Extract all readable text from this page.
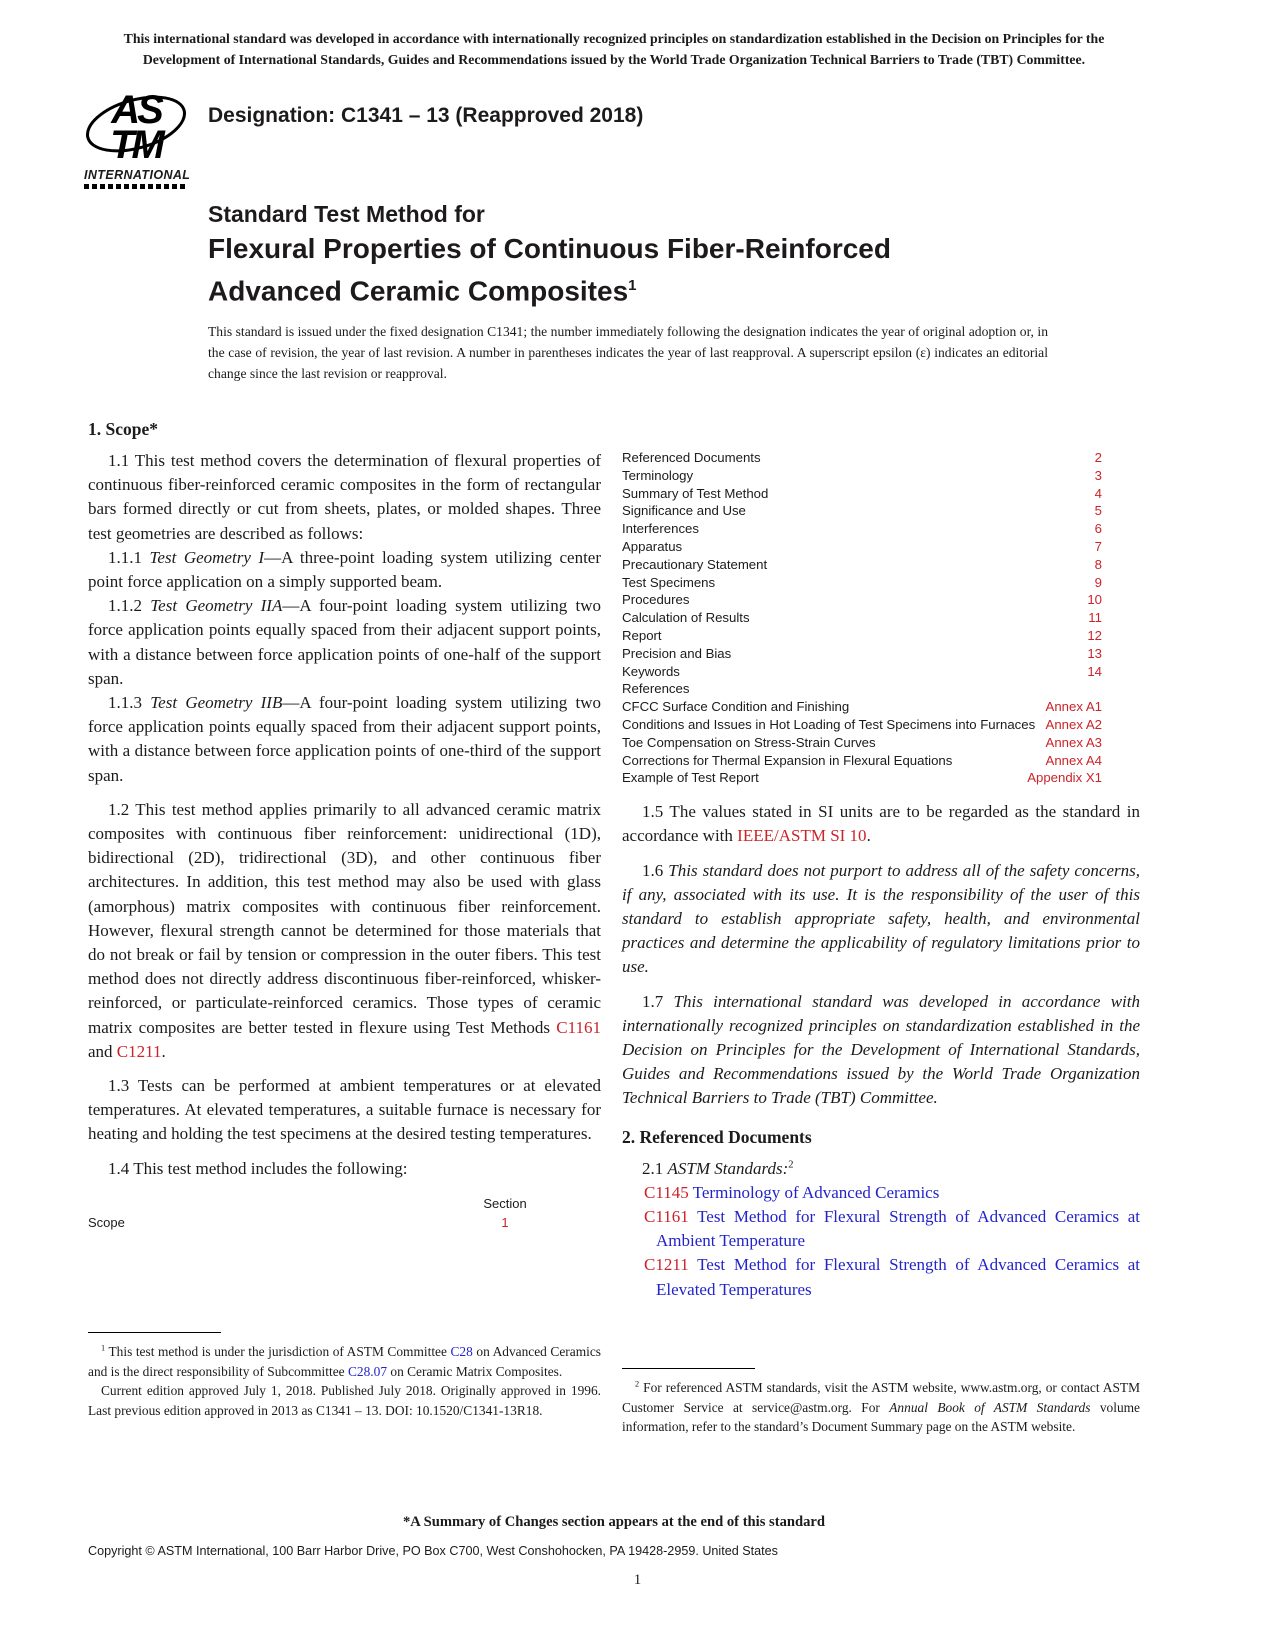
This international standard was developed in accordance with internationally recognized principles on standardization established in the Decision on Principles for the Development of International Standards, Guides and Recommendations issued by the World Trade Organization Technical Barriers to Trade (TBT) Committee.
AS
TM
INTERNATIONAL
Designation: C1341 – 13 (Reapproved 2018)
Standard Test Method for
Flexural Properties of Continuous Fiber-Reinforced
Advanced Ceramic Composites$^1$
This standard is issued under the fixed designation C1341; the number immediately following the designation indicates the year of original adoption or, in the case of revision, the year of last revision. A number in parentheses indicates the year of last reapproval. A superscript epsilon (ε) indicates an editorial change since the last revision or reapproval.
1. Scope*

1.1 This test method covers the determination of flexural properties of continuous fiber-reinforced ceramic composites in the form of rectangular bars formed directly or cut from sheets, plates, or molded shapes. Three test geometries are described as follows:

1.1.1 Test Geometry I—A three-point loading system utilizing center point force application on a simply supported beam.

1.1.2 Test Geometry IIA—A four-point loading system utilizing two force application points equally spaced from their adjacent support points, with a distance between force application points of one-half of the support span.

1.1.3 Test Geometry IIB—A four-point loading system utilizing two force application points equally spaced from their adjacent support points, with a distance between force application points of one-third of the support span.

1.2 This test method applies primarily to all advanced ceramic matrix composites with continuous fiber reinforcement: unidirectional (1D), bidirectional (2D), tridirectional (3D), and other continuous fiber architectures. In addition, this test method may also be used with glass (amorphous) matrix composites with continuous fiber reinforcement. However, flexural strength cannot be determined for those materials that do not break or fail by tension or compression in the outer fibers. This test method does not directly address discontinuous fiber-reinforced, whisker-reinforced, or particulate-reinforced ceramics. Those types of ceramic matrix composites are better tested in flexure using Test Methods C1161 and C1211.

1.3 Tests can be performed at ambient temperatures or at elevated temperatures. At elevated temperatures, a suitable furnace is necessary for heating and holding the test specimens at the desired testing temperatures.

1.4 This test method includes the following:

Section
Scope	1
Referenced Documents	2
Terminology	3
Summary of Test Method	4
Significance and Use	5
Interferences	6
Apparatus	7
Precautionary Statement	8
Test Specimens	9
Procedures	10
Calculation of Results	11
Report	12
Precision and Bias	13
Keywords	14
References
CFCC Surface Condition and Finishing	Annex A1
Conditions and Issues in Hot Loading of Test Specimens into Furnaces Annex A2
Toe Compensation on Stress-Strain Curves	Annex A3
Corrections for Thermal Expansion in Flexural Equations	Annex A4
Example of Test Report	Appendix X1

1.5 The values stated in SI units are to be regarded as the standard in accordance with IEEE/ASTM SI 10.

1.6 This standard does not purport to address all of the safety concerns, if any, associated with its use. It is the responsibility of the user of this standard to establish appropriate safety, health, and environmental practices and determine the applicability of regulatory limitations prior to use.

1.7 This international standard was developed in accordance with internationally recognized principles on standardization established in the Decision on Principles for the Development of International Standards, Guides and Recommendations issued by the World Trade Organization Technical Barriers to Trade (TBT) Committee.

2. Referenced Documents

2.1 ASTM Standards:$^2$

C1145 Terminology of Advanced Ceramics

C1161 Test Method for Flexural Strength of Advanced Ceramics at Ambient Temperature

C1211 Test Method for Flexural Strength of Advanced Ceramics at Elevated Temperatures

$^1$ This test method is under the jurisdiction of ASTM Committee C28 on Advanced Ceramics and is the direct responsibility of Subcommittee C28.07 on Ceramic Matrix Composites.

Current edition approved July 1, 2018. Published July 2018. Originally approved in 1996. Last previous edition approved in 2013 as C1341 – 13. DOI: 10.1520/C1341-13R18.

$^2$ For referenced ASTM standards, visit the ASTM website, www.astm.org, or contact ASTM Customer Service at service@astm.org. For Annual Book of ASTM Standards volume information, refer to the standard’s Document Summary page on the ASTM website.

*A Summary of Changes section appears at the end of this standard
Copyright © ASTM International, 100 Barr Harbor Drive, PO Box C700, West Conshohocken, PA 19428-2959. United States
1
